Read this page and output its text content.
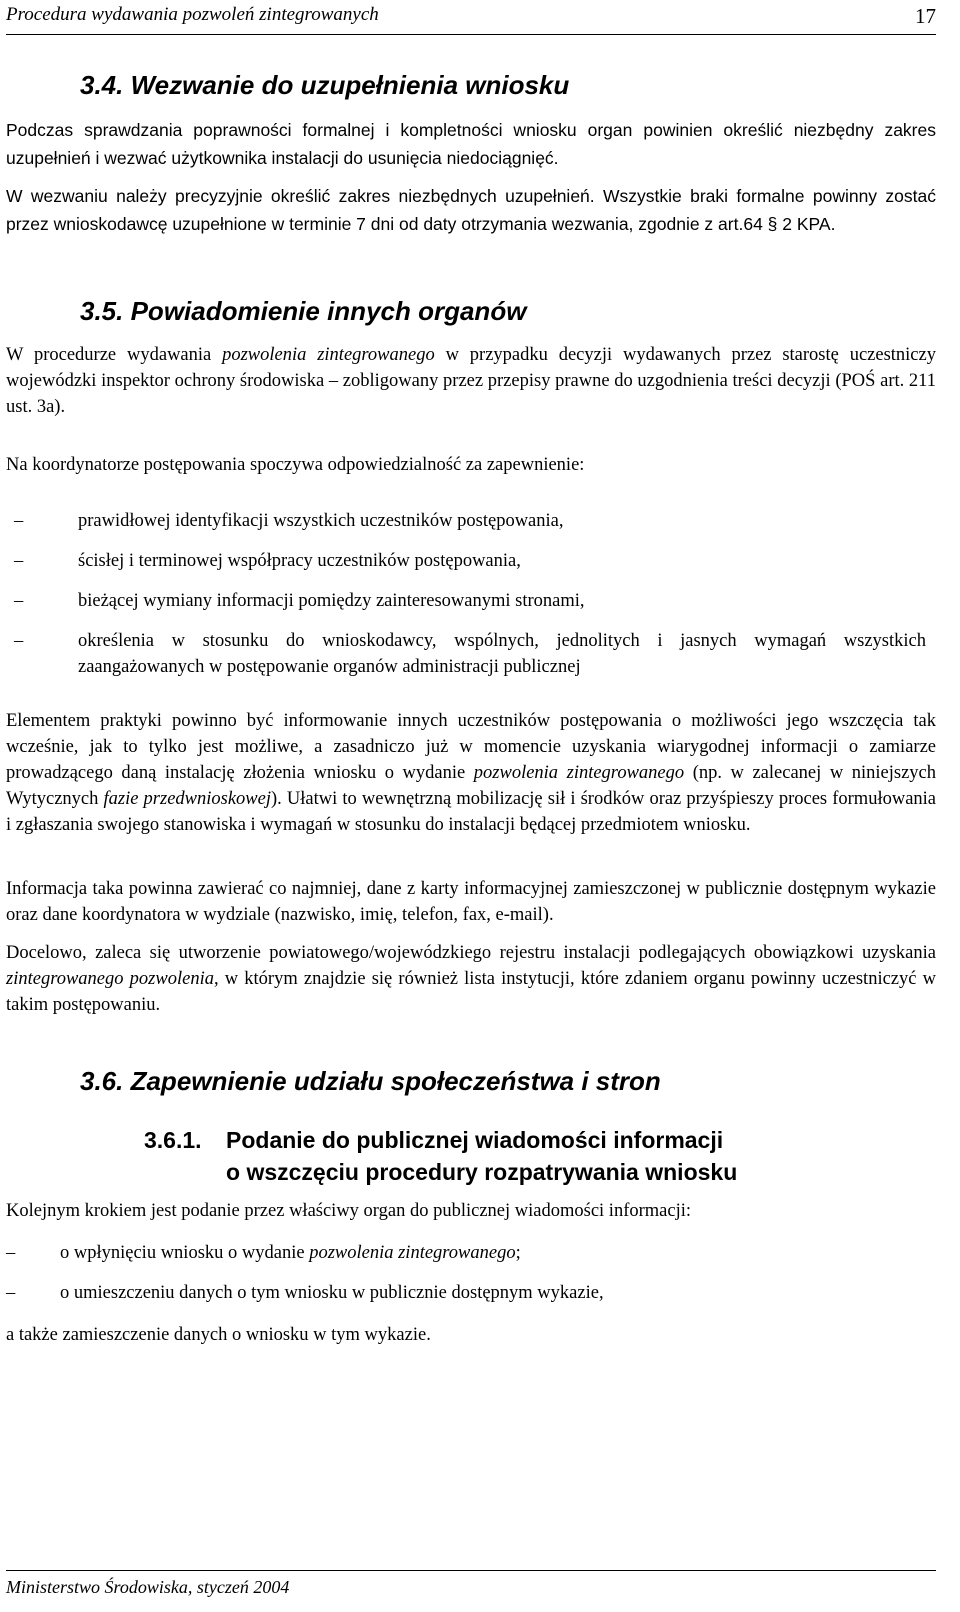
Procedura wydawania pozwoleń zintegrowanych	17
3.4. Wezwanie do uzupełnienia wniosku
Podczas sprawdzania poprawności formalnej i kompletności wniosku organ powinien określić niezbędny zakres uzupełnień i wezwać użytkownika instalacji do usunięcia niedociągnięć.
W wezwaniu należy precyzyjnie określić zakres niezbędnych uzupełnień. Wszystkie braki formalne powinny zostać przez wnioskodawcę uzupełnione w terminie 7 dni od daty otrzymania wezwania, zgodnie z art.64 § 2 KPA.
3.5. Powiadomienie innych organów
W procedurze wydawania pozwolenia zintegrowanego w przypadku decyzji wydawanych przez starostę uczestniczy wojewódzki inspektor ochrony środowiska – zobligowany przez przepisy prawne do uzgodnienia treści decyzji (POŚ art. 211 ust. 3a).
Na koordynatorze postępowania spoczywa odpowiedzialność za zapewnienie:
–	prawidłowej identyfikacji wszystkich uczestników postępowania,
–	ścisłej i terminowej współpracy uczestników postępowania,
–	bieżącej wymiany informacji pomiędzy zainteresowanymi stronami,
–	określenia w stosunku do wnioskodawcy, wspólnych, jednolitych i jasnych wymagań wszystkich zaangażowanych w postępowanie organów administracji publicznej
Elementem praktyki powinno być informowanie innych uczestników postępowania o możliwości jego wszczęcia tak wcześnie, jak to tylko jest możliwe, a zasadniczo już w momencie uzyskania wiarygodnej informacji o zamiarze prowadzącego daną instalację złożenia wniosku o wydanie pozwolenia zintegrowanego (np. w zalecanej w niniejszych Wytycznych fazie przedwnioskowej). Ułatwi to wewnętrzną mobilizację sił i środków oraz przyśpieszy proces formułowania i zgłaszania swojego stanowiska i wymagań w stosunku do instalacji będącej przedmiotem wniosku.
Informacja taka powinna zawierać co najmniej, dane z karty informacyjnej zamieszczonej w publicznie dostępnym wykazie oraz dane koordynatora w wydziale (nazwisko, imię, telefon, fax, e-mail).
Docelowo, zaleca się utworzenie powiatowego/wojewódzkiego rejestru instalacji podlegających obowiązkowi uzyskania zintegrowanego pozwolenia, w którym znajdzie się również lista instytucji, które zdaniem organu powinny uczestniczyć w takim postępowaniu.
3.6. Zapewnienie udziału społeczeństwa i stron
3.6.1. Podanie do publicznej wiadomości informacji
o wszczęciu procedury rozpatrywania wniosku
Kolejnym krokiem jest podanie przez właściwy organ do publicznej wiadomości informacji:
– o wpłynięciu wniosku o wydanie pozwolenia zintegrowanego;
– o umieszczeniu danych o tym wniosku w publicznie dostępnym wykazie,
a także zamieszczenie danych o wniosku w tym wykazie.
Ministerstwo Środowiska, styczeń 2004
